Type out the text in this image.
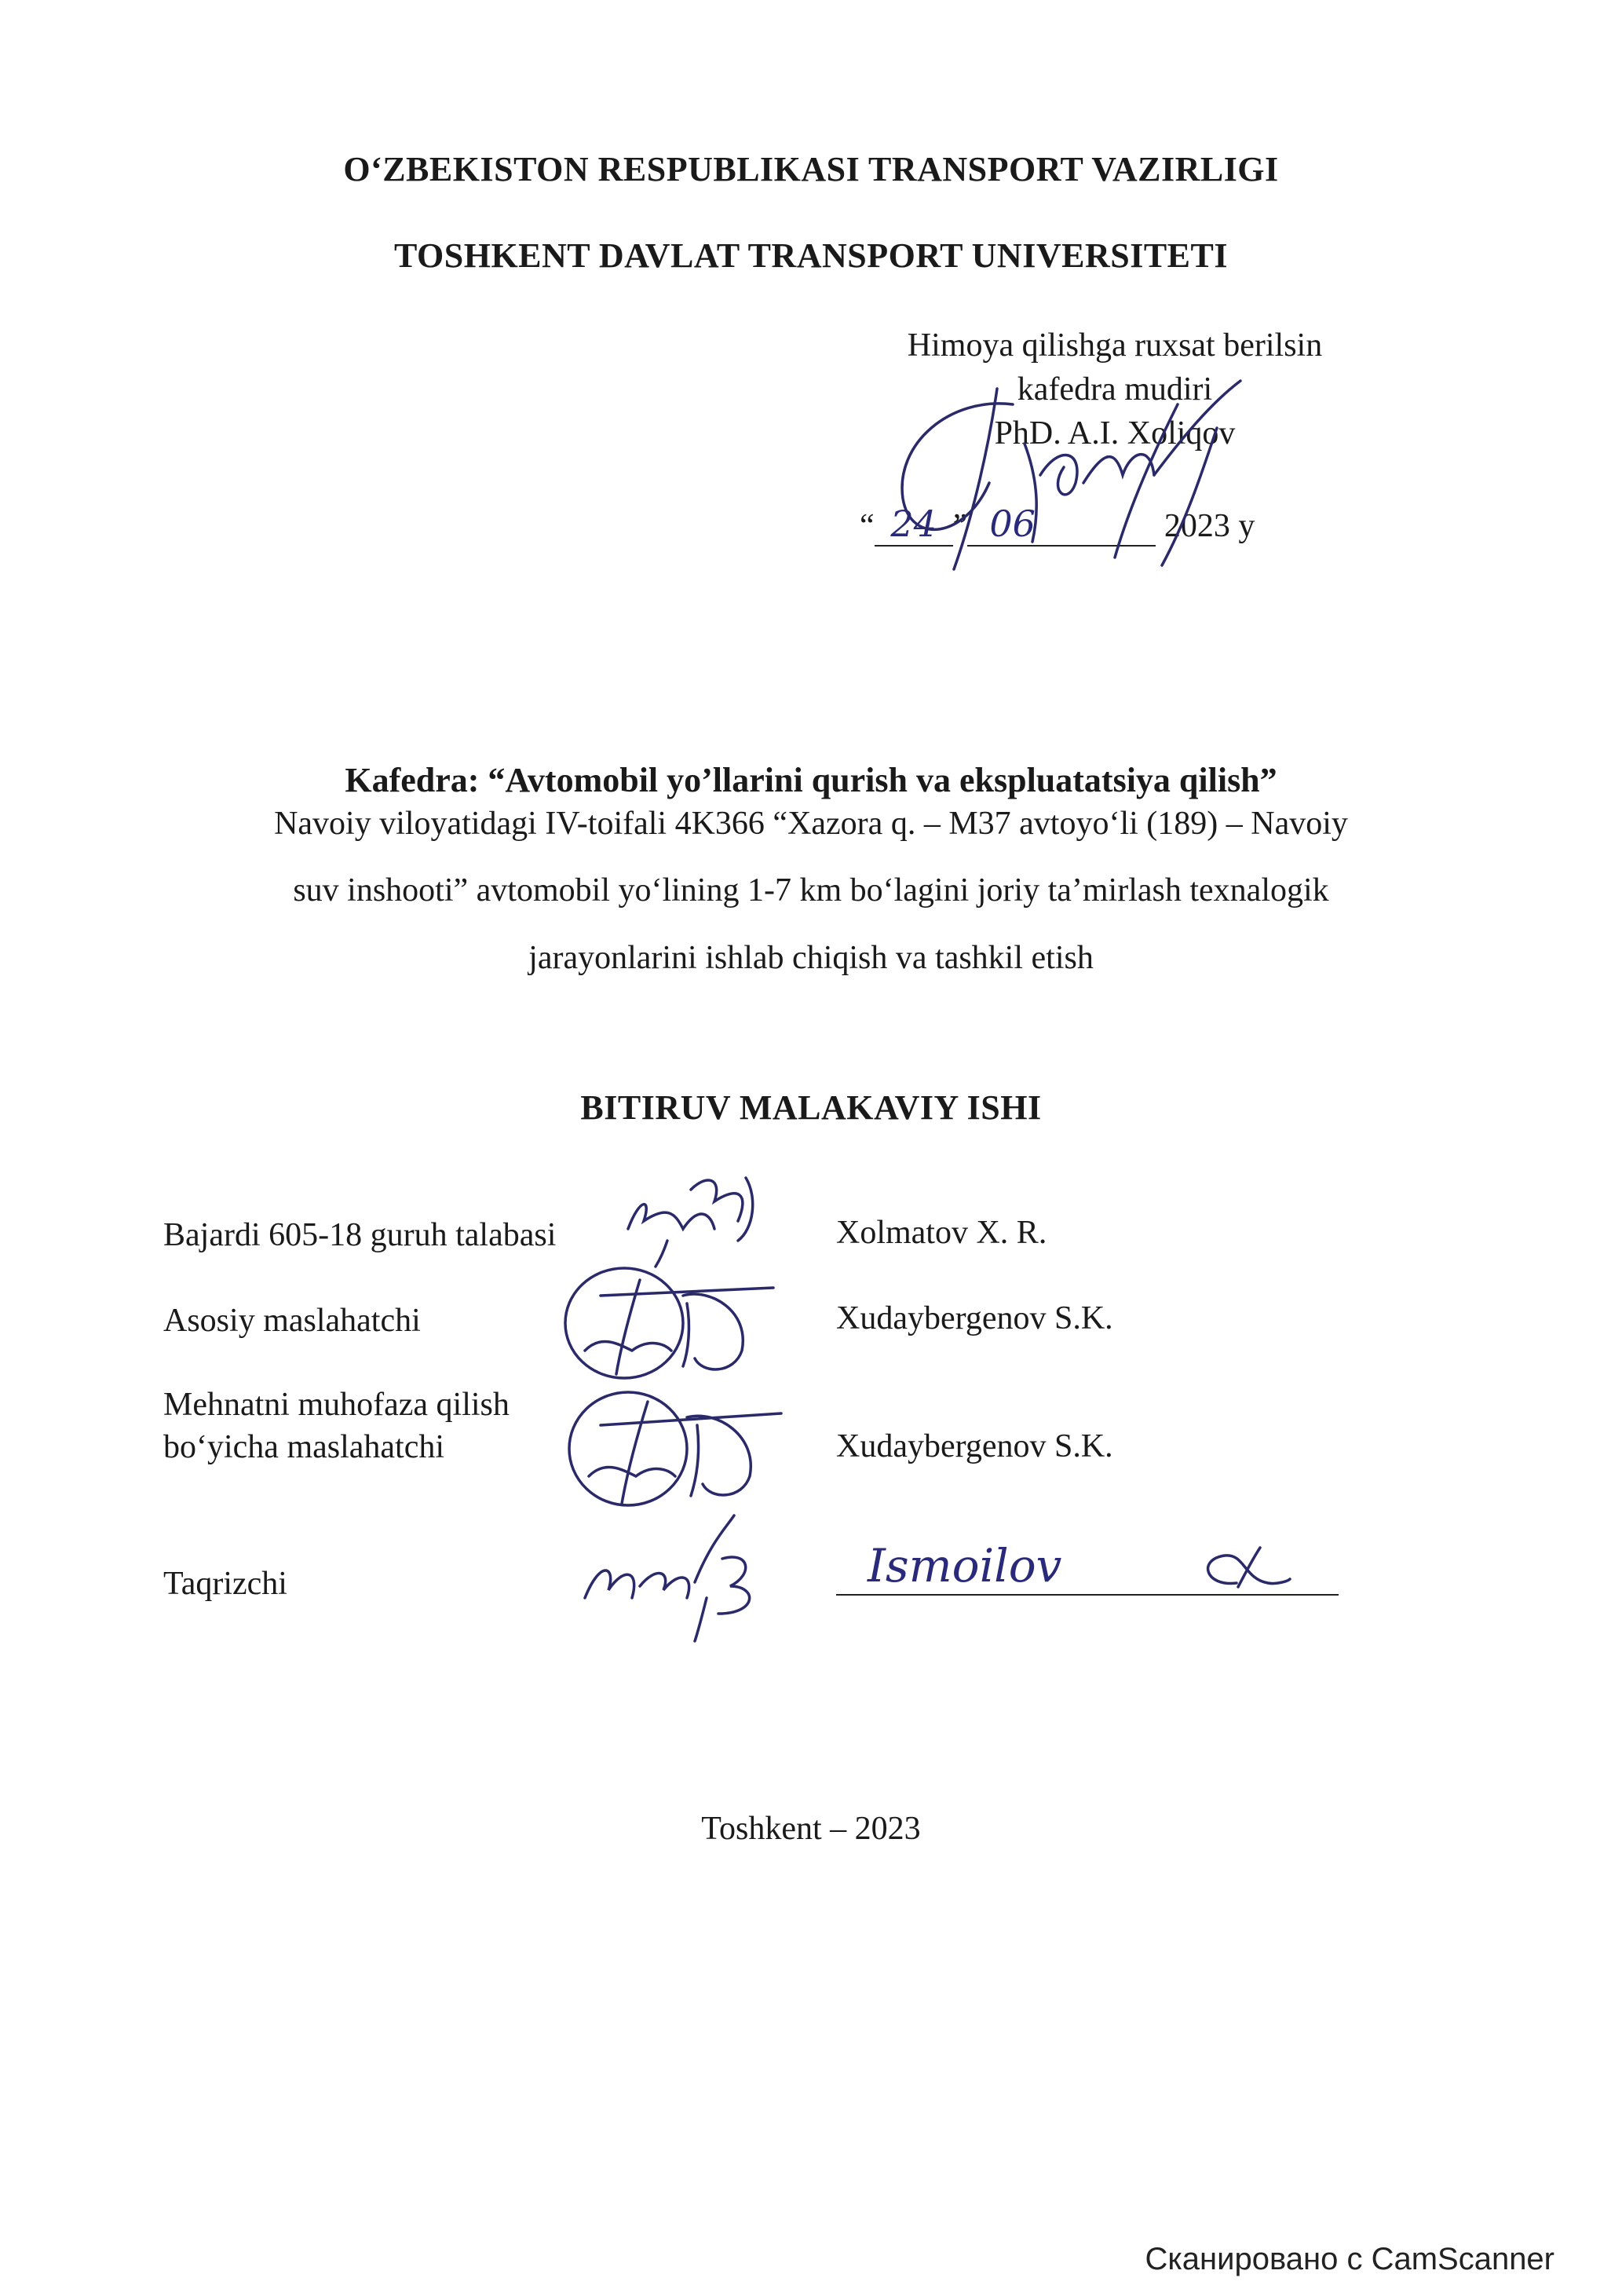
O‘ZBEKISTON RESPUBLIKASI TRANSPORT VAZIRLIGI
TOSHKENT DAVLAT TRANSPORT UNIVERSITETI
Himoya qilishga ruxsat berilsin
kafedra mudiri
PhD. A.I. Xoliqov
“ 24 ” 06	2023 y
Kafedra: “Avtomobil yo’llarini qurish va ekspluatatsiya qilish”
Navoiy viloyatidagi IV-toifali 4K366 “Xazora q. – M37 avtoyo‘li (189) – Navoiy
suv inshooti” avtomobil yo‘lining 1-7 km bo‘lagini joriy ta’mirlash texnalogik
jarayonlarini ishlab chiqish va tashkil etish
BITIRUV MALAKAVIY ISHI
Bajardi 605-18 guruh talabasi	Xolmatov X. R.
Asosiy maslahatchi	Xudaybergenov S.K.
Mehnatni muhofaza qilish
bo‘yicha maslahatchi	Xudaybergenov S.K.
Taqrizchi	Ismoilov
Toshkent – 2023
Сканировано с CamScanner
